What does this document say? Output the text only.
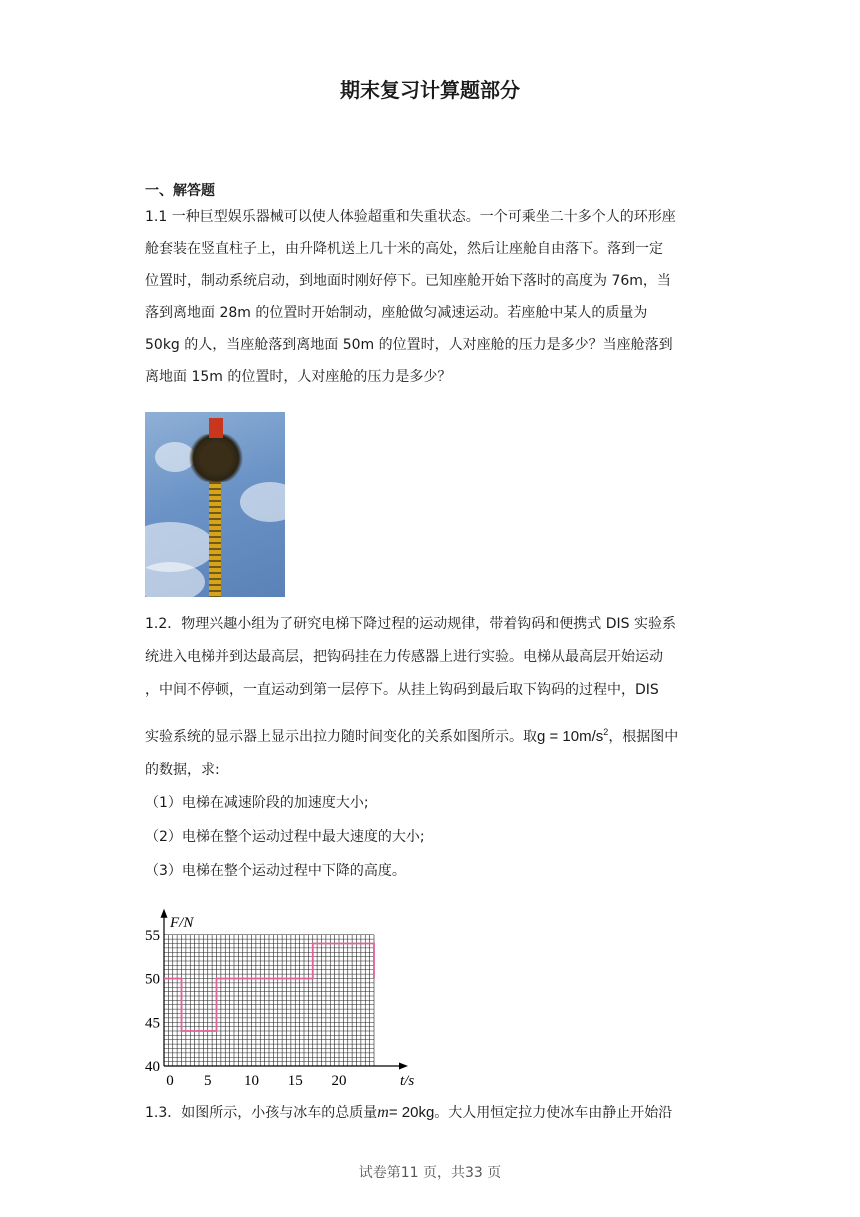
期末复习计算题部分
一、解答题
1.1 一种巨型娱乐器械可以使人体验超重和失重状态。一个可乘坐二十多个人的环形座
舱套装在竖直柱子上，由升降机送上几十米的高处，然后让座舱自由落下。落到一定
位置时，制动系统启动，到地面时刚好停下。已知座舱开始下落时的高度为 76m，当
落到离地面 28m 的位置时开始制动，座舱做匀减速运动。若座舱中某人的质量为
50kg 的人，当座舱落到离地面 50m 的位置时，人对座舱的压力是多少？当座舱落到
离地面 15m 的位置时，人对座舱的压力是多少？
1.2．物理兴趣小组为了研究电梯下降过程的运动规律，带着钩码和便携式 DIS 实验系
统进入电梯并到达最高层，把钩码挂在力传感器上进行实验。电梯从最高层开始运动
，中间不停顿，一直运动到第一层停下。从挂上钩码到最后取下钩码的过程中，DIS
实验系统的显示器上显示出拉力随时间变化的关系如图所示。取$g = 10m/s^2$，根据图中
的数据，求:
（1）电梯在减速阶段的加速度大小;
（2）电梯在整个运动过程中最大速度的大小;
（3）电梯在整个运动过程中下降的高度。
40
45
50
55
0 5 10 15 20
F/N
t/s
1.3．如图所示，小孩与冰车的总质量m= 20kg。大人用恒定拉力使冰车由静止开始沿
试卷第11 页，共33 页
